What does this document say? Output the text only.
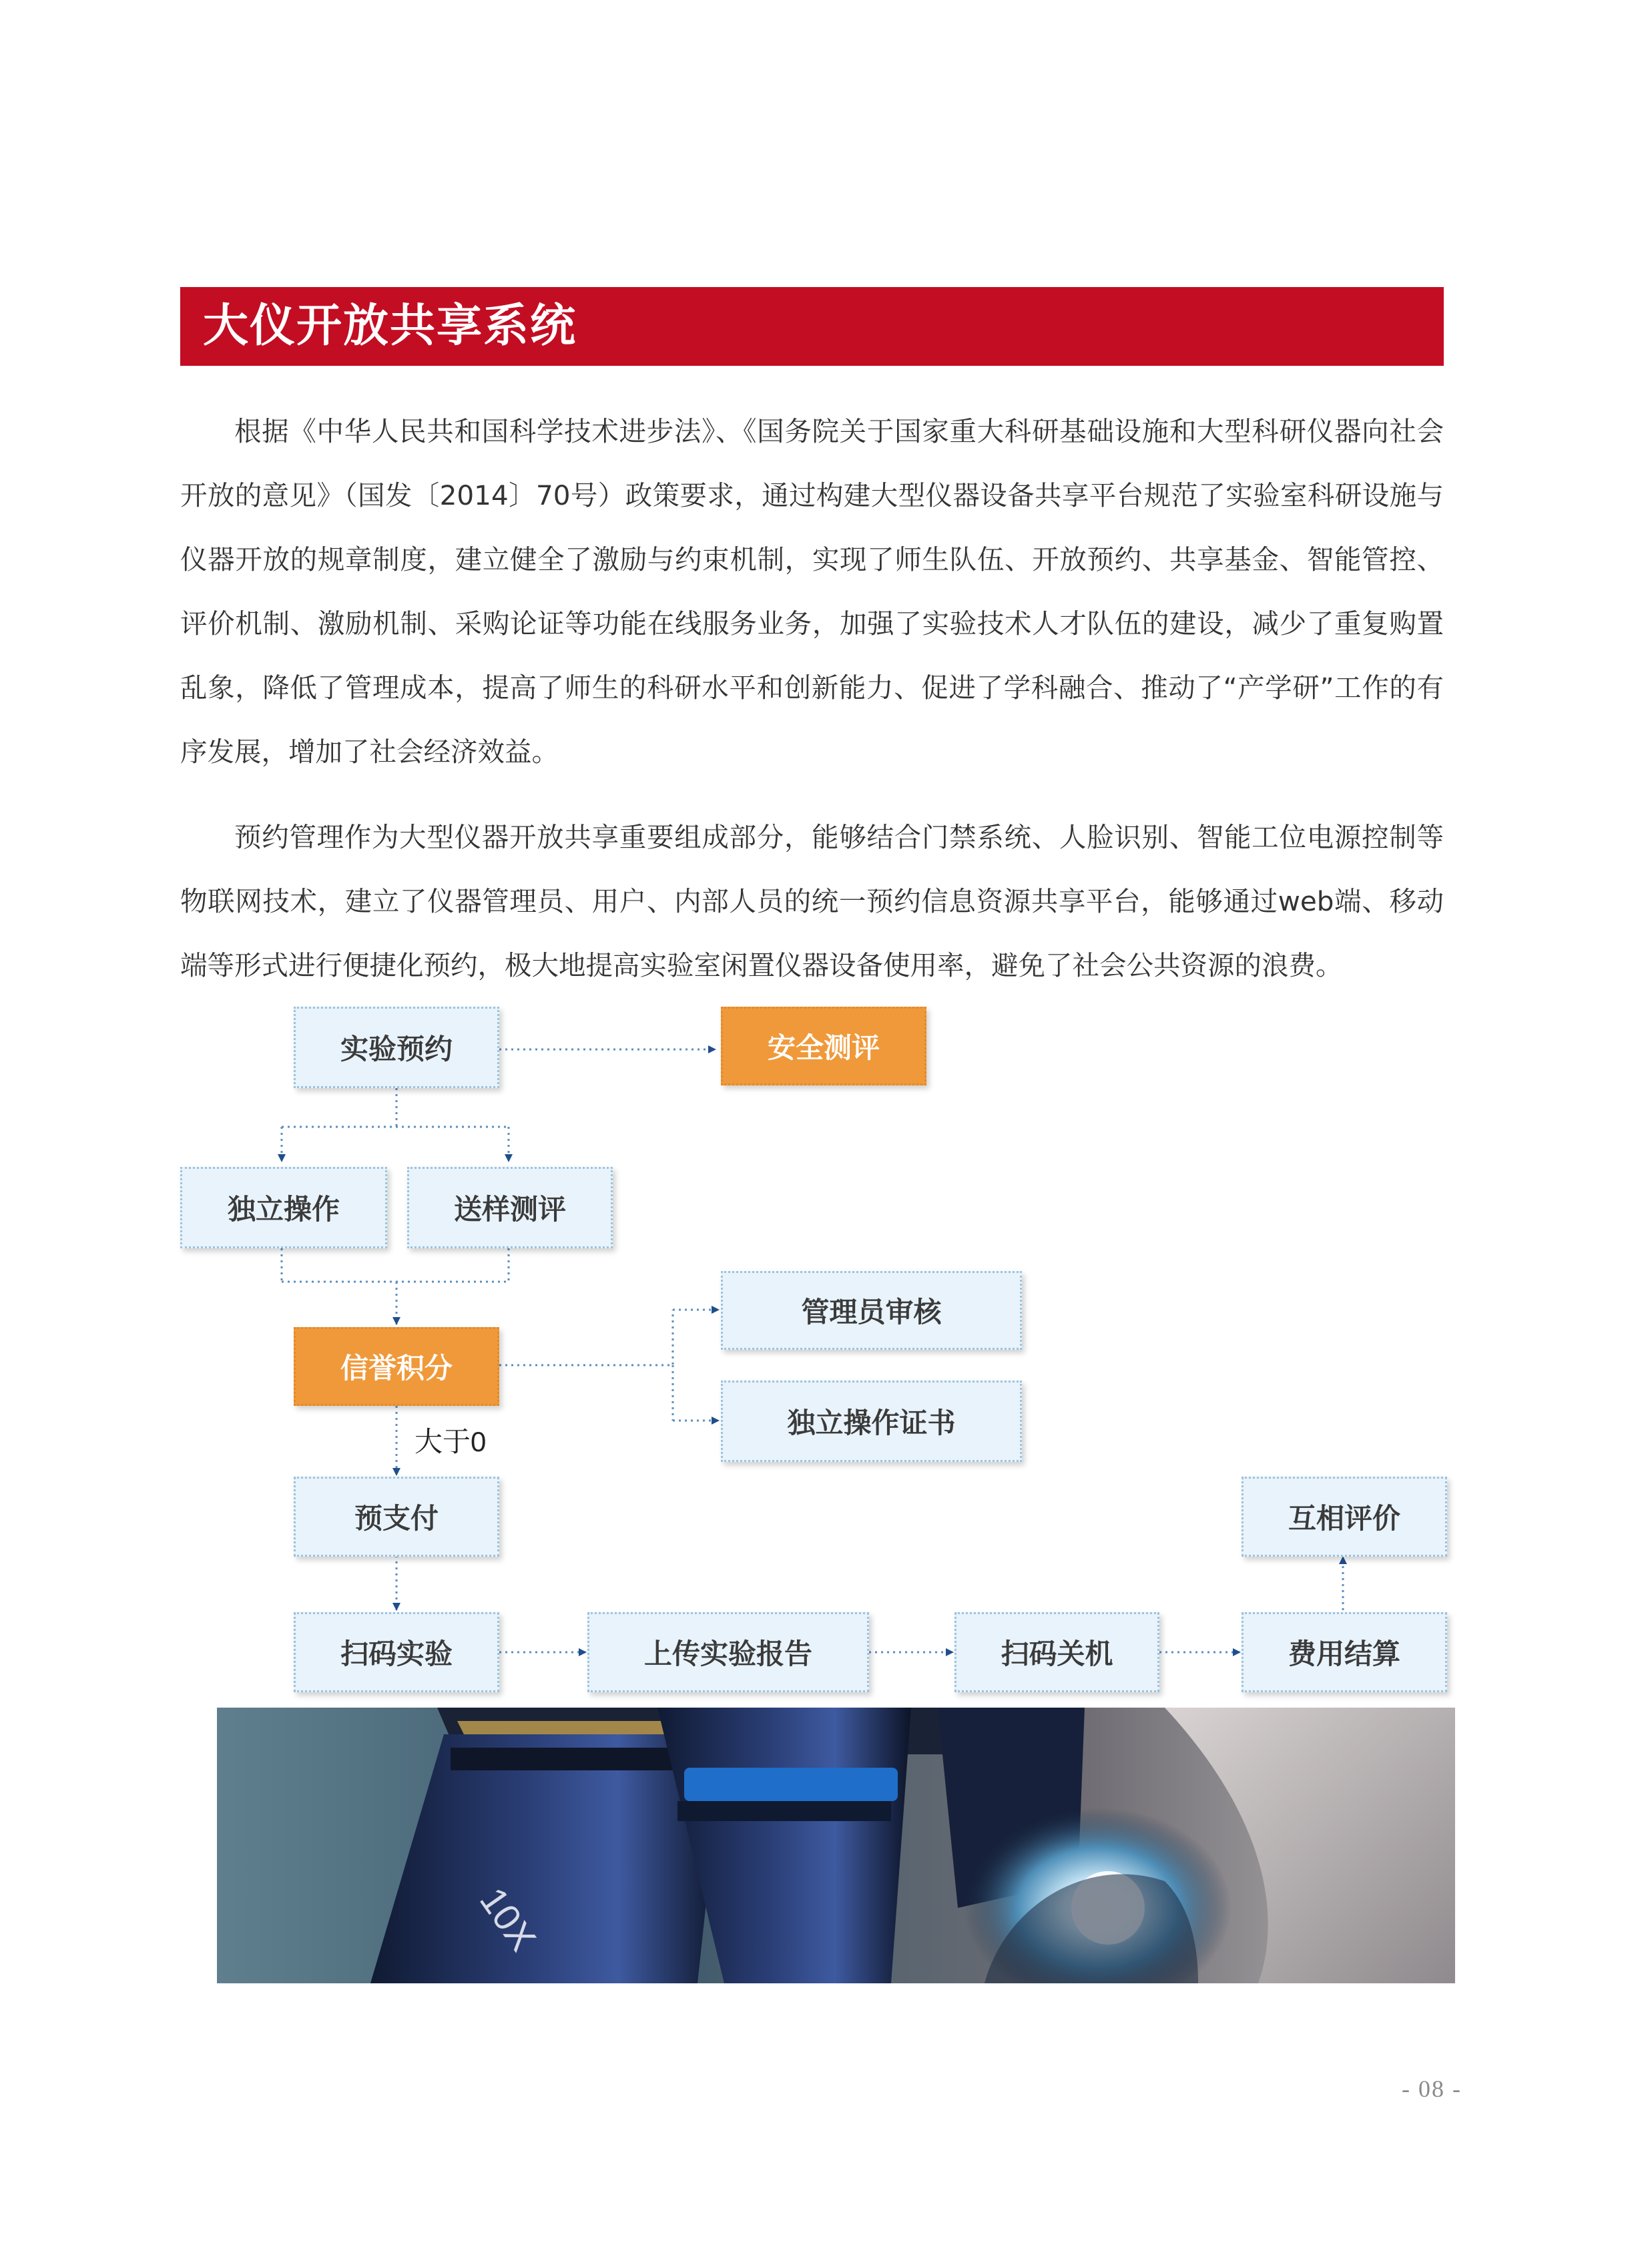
大仪开放共享系统

根据《中华人民共和国科学技术进步法》、《国务院关于国家重大科研基础设施和大型科研仪器向社会开放的意见》（国发〔2014〕70号）政策要求，通过构建大型仪器设备共享平台规范了实验室科研设施与仪器开放的规章制度，建立健全了激励与约束机制，实现了师生队伍、开放预约、共享基金、智能管控、评价机制、激励机制、采购论证等功能在线服务业务，加强了实验技术人才队伍的建设，减少了重复购置乱象，降低了管理成本，提高了师生的科研水平和创新能力、促进了学科融合、推动了“产学研”工作的有序发展，增加了社会经济效益。

预约管理作为大型仪器开放共享重要组成部分，能够结合门禁系统、人脸识别、智能工位电源控制等物联网技术，建立了仪器管理员、用户、内部人员的统一预约信息资源共享平台，能够通过web端、移动端等形式进行便捷化预约，极大地提高实验室闲置仪器设备使用率，避免了社会公共资源的浪费。

实验预约	安全测评
独立操作	送样测评
信誉积分
管理员审核
独立操作证书
大于0
预支付	互相评价
扫码实验	上传实验报告	扫码关机	费用结算
10X
- 08 -
